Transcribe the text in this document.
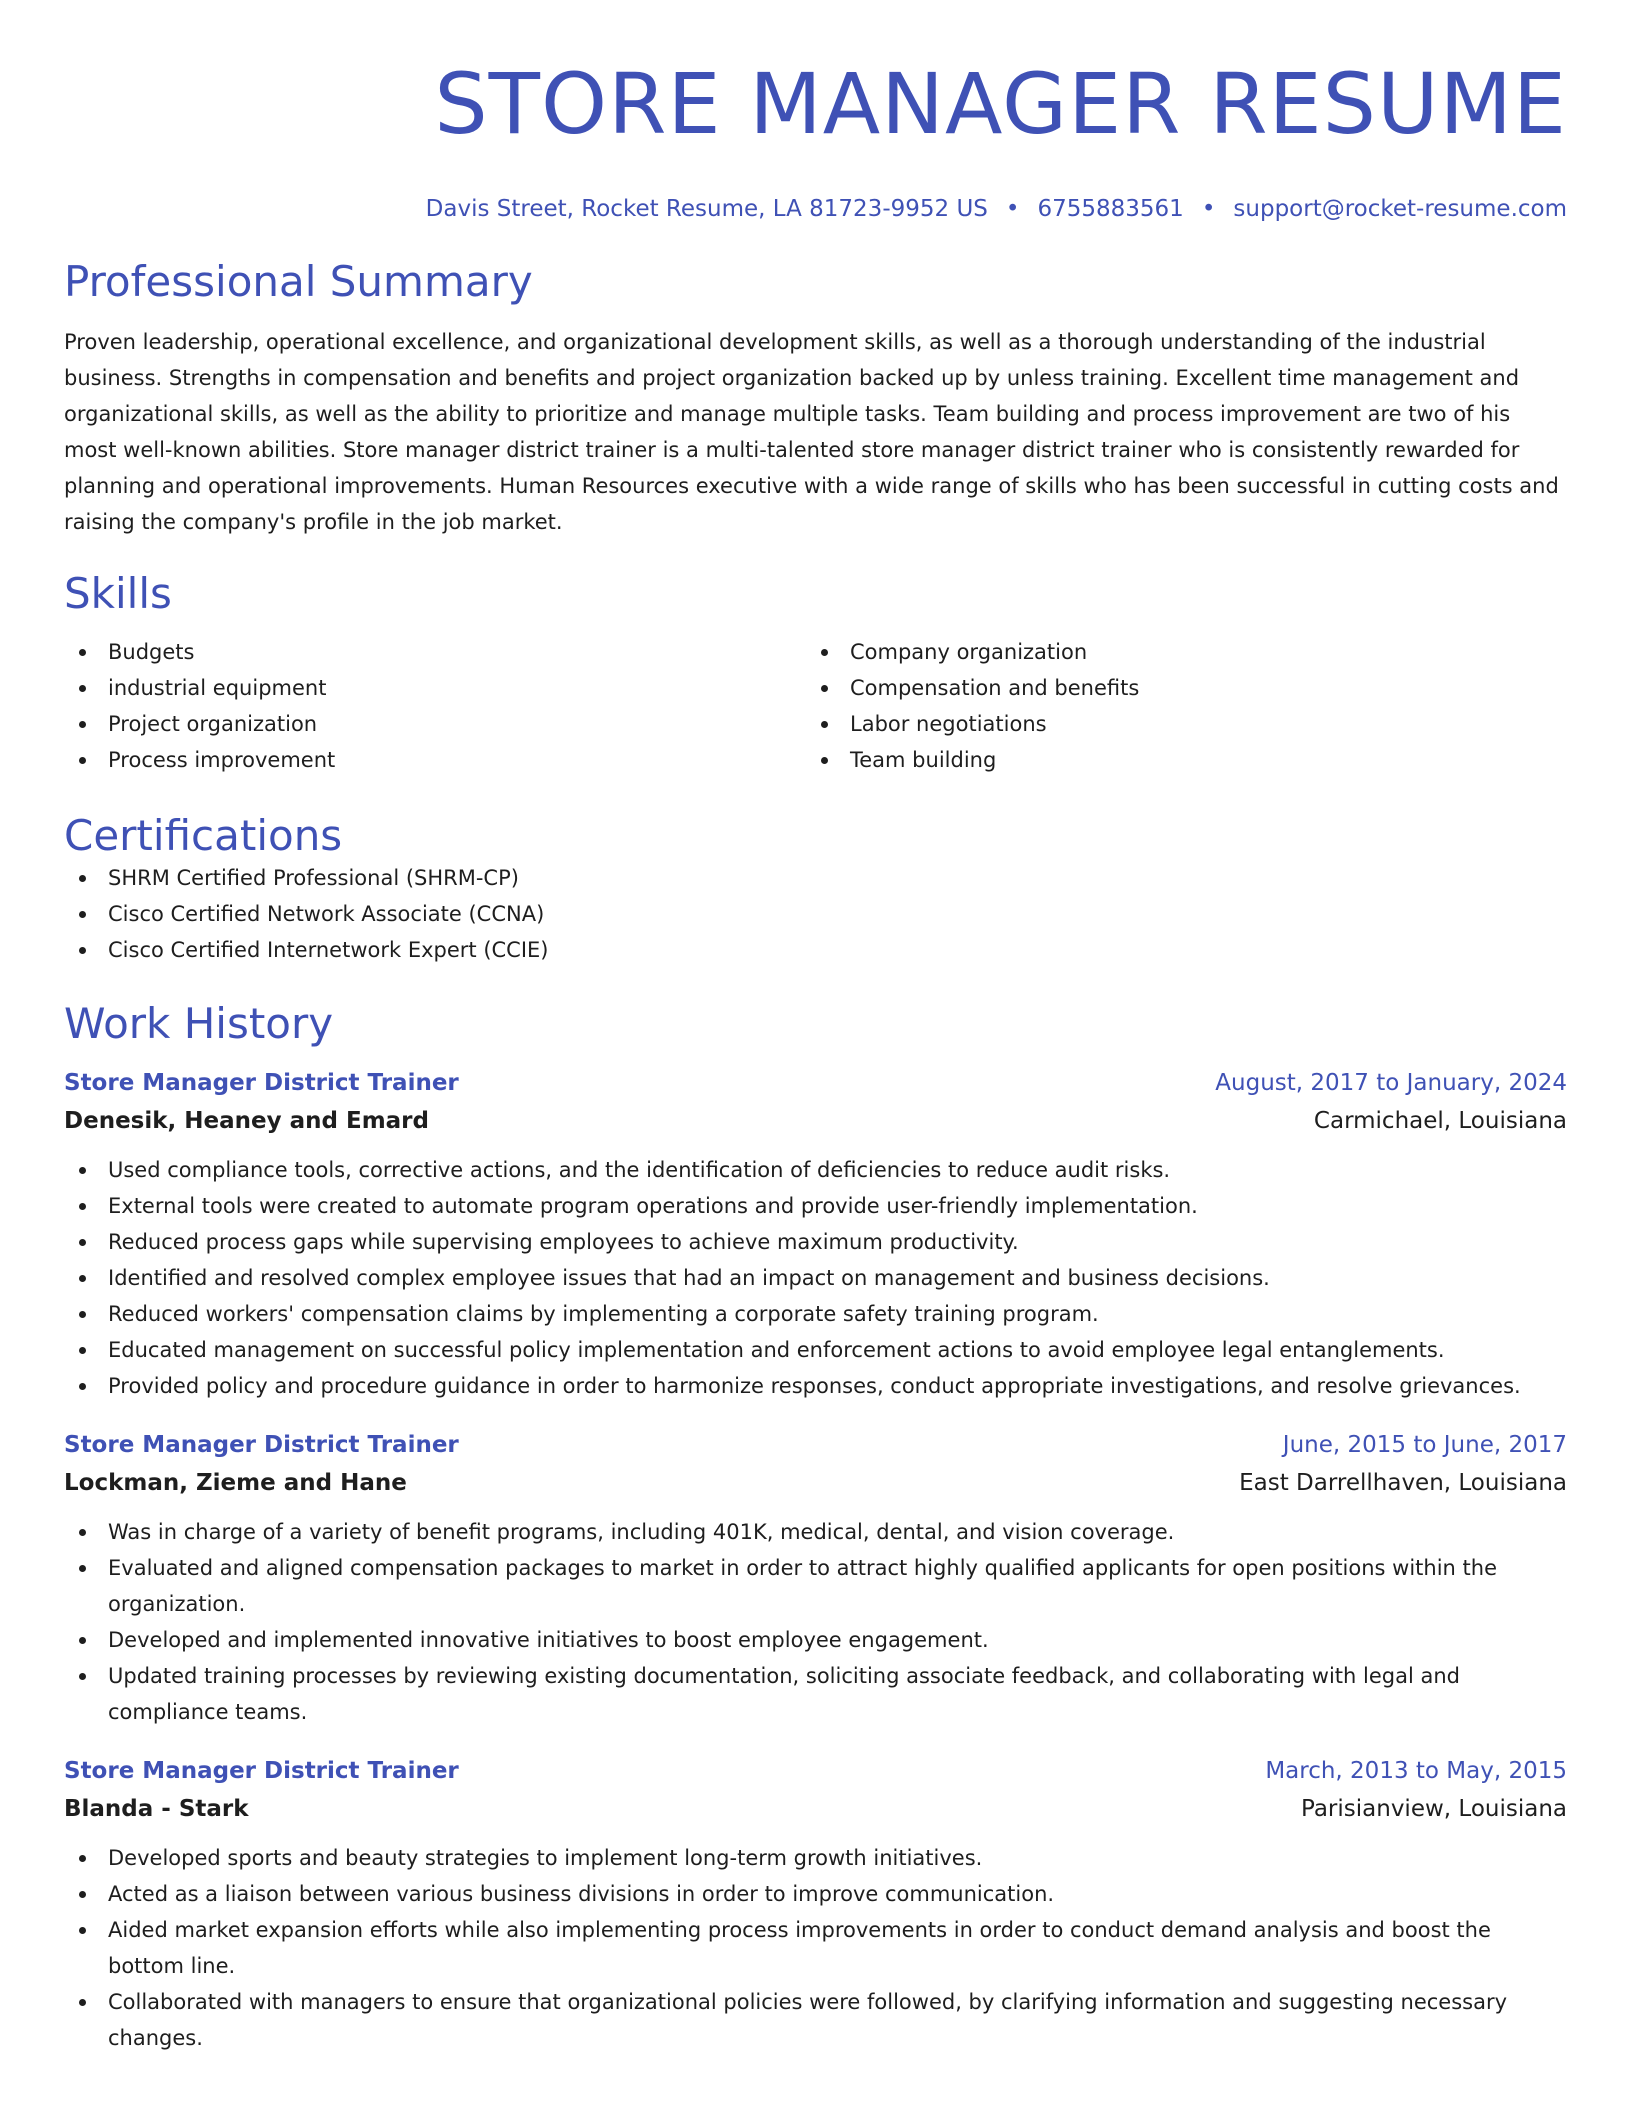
STORE MANAGER RESUME
Davis Street, Rocket Resume, LA 81723-9952 US • 6755883561 • support@rocket-resume.com
Professional Summary
Proven leadership, operational excellence, and organizational development skills, as well as a thorough understanding of the industrial business. Strengths in compensation and benefits and project organization backed up by unless training. Excellent time management and organizational skills, as well as the ability to prioritize and manage multiple tasks. Team building and process improvement are two of his most well-known abilities. Store manager district trainer is a multi-talented store manager district trainer who is consistently rewarded for planning and operational improvements. Human Resources executive with a wide range of skills who has been successful in cutting costs and raising the company's profile in the job market.
Skills
Budgets
industrial equipment
Project organization
Process improvement
Company organization
Compensation and benefits
Labor negotiations
Team building
Certifications
SHRM Certified Professional (SHRM-CP)
Cisco Certified Network Associate (CCNA)
Cisco Certified Internetwork Expert (CCIE)
Work History
Store Manager District Trainer	August, 2017 to January, 2024
Denesik, Heaney and Emard	Carmichael, Louisiana
Used compliance tools, corrective actions, and the identification of deficiencies to reduce audit risks.
External tools were created to automate program operations and provide user-friendly implementation.
Reduced process gaps while supervising employees to achieve maximum productivity.
Identified and resolved complex employee issues that had an impact on management and business decisions.
Reduced workers' compensation claims by implementing a corporate safety training program.
Educated management on successful policy implementation and enforcement actions to avoid employee legal entanglements.
Provided policy and procedure guidance in order to harmonize responses, conduct appropriate investigations, and resolve grievances.
Store Manager District Trainer	June, 2015 to June, 2017
Lockman, Zieme and Hane	East Darrellhaven, Louisiana
Was in charge of a variety of benefit programs, including 401K, medical, dental, and vision coverage.
Evaluated and aligned compensation packages to market in order to attract highly qualified applicants for open positions within the organization.
Developed and implemented innovative initiatives to boost employee engagement.
Updated training processes by reviewing existing documentation, soliciting associate feedback, and collaborating with legal and compliance teams.
Store Manager District Trainer	March, 2013 to May, 2015
Blanda - Stark	Parisianview, Louisiana
Developed sports and beauty strategies to implement long-term growth initiatives.
Acted as a liaison between various business divisions in order to improve communication.
Aided market expansion efforts while also implementing process improvements in order to conduct demand analysis and boost the bottom line.
Collaborated with managers to ensure that organizational policies were followed, by clarifying information and suggesting necessary changes.
